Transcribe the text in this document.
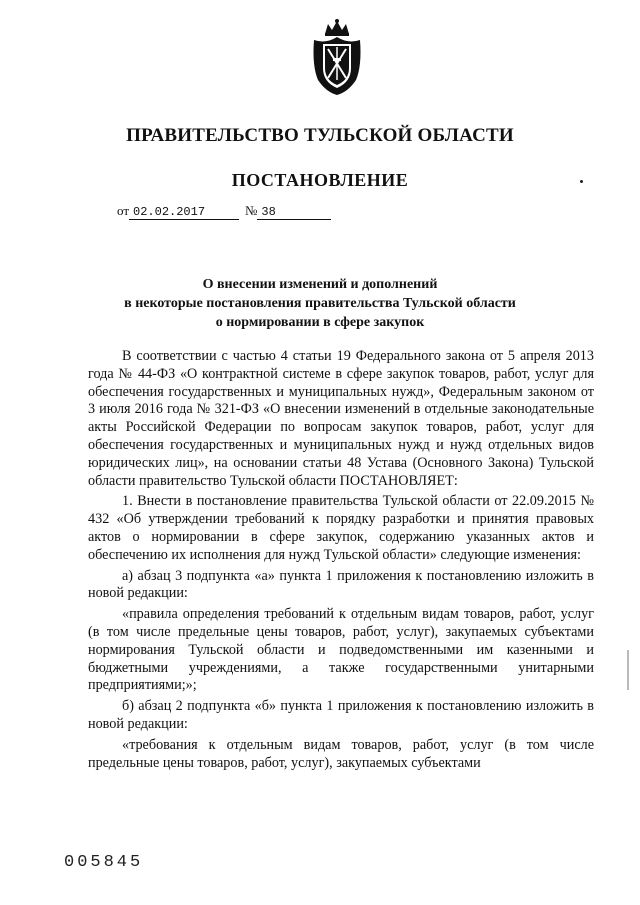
ПРАВИТЕЛЬСТВО ТУЛЬСКОЙ ОБЛАСТИ
ПОСТАНОВЛЕНИЕ
от 02.02.2017	№ 38
О внесении изменений и дополнений
в некоторые постановления правительства Тульской области
о нормировании в сфере закупок

В соответствии с частью 4 статьи 19 Федерального закона от 5 апреля 2013 года № 44-ФЗ «О контрактной системе в сфере закупок товаров, работ, услуг для обеспечения государственных и муниципальных нужд», Федеральным законом от 3 июля 2016 года № 321-ФЗ «О внесении изменений в отдельные законодательные акты Российской Федерации по вопросам закупок товаров, работ, услуг для обеспечения государственных и муниципальных нужд и нужд отдельных видов юридических лиц», на основании статьи 48 Устава (Основного Закона) Тульской области правительство Тульской области ПОСТАНОВЛЯЕТ:

1. Внести в постановление правительства Тульской области от 22.09.2015 № 432 «Об утверждении требований к порядку разработки и принятия правовых актов о нормировании в сфере закупок, содержанию указанных актов и обеспечению их исполнения для нужд Тульской области» следующие изменения:

а) абзац 3 подпункта «а» пункта 1 приложения к постановлению изложить в новой редакции:

«правила определения требований к отдельным видам товаров, работ, услуг (в том числе предельные цены товаров, работ, услуг), закупаемых субъектами нормирования Тульской области и подведомственными им казенными и бюджетными учреждениями, а также государственными унитарными предприятиями;»;

б) абзац 2 подпункта «б» пункта 1 приложения к постановлению изложить в новой редакции:

«требования к отдельным видам товаров, работ, услуг (в том числе предельные цены товаров, работ, услуг), закупаемых субъектами

005845
